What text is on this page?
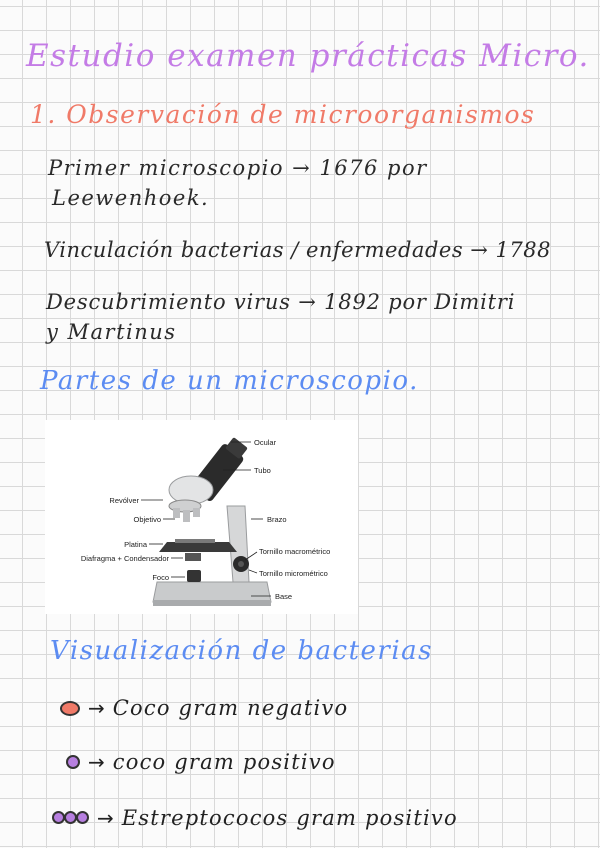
Estudio examen prácticas Micro.
1. Observación de microorganismos
Primer microscopio → 1676 por
Leewenhoek.
Vinculación bacterias / enfermedades → 1788
Descubrimiento virus → 1892 por Dimitri
y Martinus
Partes de un microscopio.
Ocular
Tubo
Brazo
Revólver
Objetivo
Platina
Diafragma + Condensador
Tornillo macrométrico
Tornillo micrométrico
Foco
Base
Visualización de bacterias
→ Coco gram negativo
→ coco gram positivo
→ Estreptococos gram positivo
